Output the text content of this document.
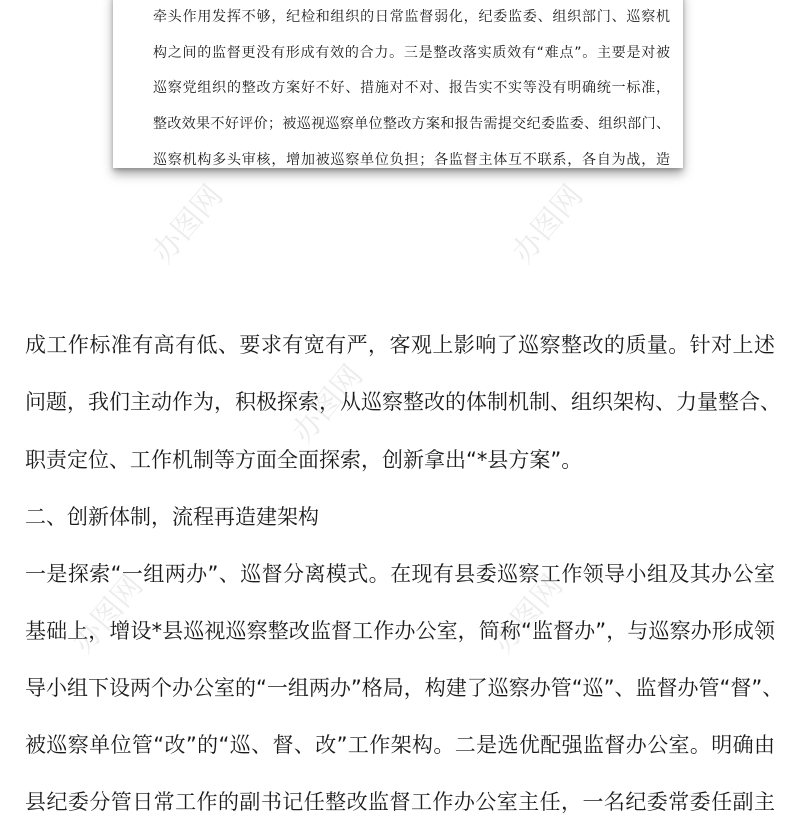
牵头作用发挥不够，纪检和组织的日常监督弱化，纪委监委、组织部门、巡察机
构之间的监督更没有形成有效的合力。三是整改落实质效有“难点”。主要是对被
巡察党组织的整改方案好不好、措施对不对、报告实不实等没有明确统一标准，
整改效果不好评价；被巡视巡察单位整改方案和报告需提交纪委监委、组织部门、
巡察机构多头审核，增加被巡察单位负担；各监督主体互不联系，各自为战，造
成工作标准有高有低、要求有宽有严，客观上影响了巡察整改的质量。针对上述
问题，我们主动作为，积极探索，从巡察整改的体制机制、组织架构、力量整合、
职责定位、工作机制等方面全面探索，创新拿出“*县方案”。
二、创新体制，流程再造建架构
一是探索“一组两办”、巡督分离模式。在现有县委巡察工作领导小组及其办公室
基础上，增设*县巡视巡察整改监督工作办公室，简称“监督办”，与巡察办形成领
导小组下设两个办公室的“一组两办”格局，构建了巡察办管“巡”、监督办管“督”、
被巡察单位管“改”的“巡、督、改”工作架构。二是选优配强监督办公室。明确由
县纪委分管日常工作的副书记任整改监督工作办公室主任，一名纪委常委任副主
办图网	办图网
办图网
办图网	办图网
